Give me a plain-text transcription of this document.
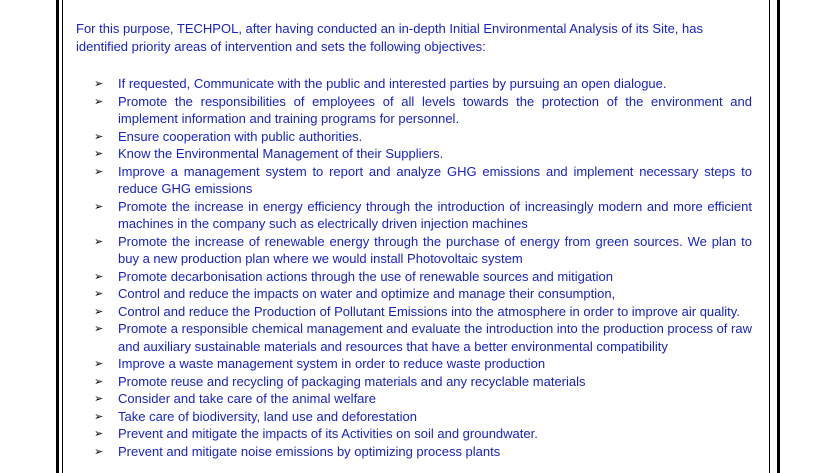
For this purpose, TECHPOL, after having conducted an in-depth Initial Environmental Analysis of its Site, has identified priority areas of intervention and sets the following objectives:

➢ If requested, Communicate with the public and interested parties by pursuing an open dialogue.
➢ Promote the responsibilities of employees of all levels towards the protection of the environment and implement information and training programs for personnel.
➢ Ensure cooperation with public authorities.
➢ Know the Environmental Management of their Suppliers.
➢ Improve a management system to report and analyze GHG emissions and implement necessary steps to reduce GHG emissions
➢ Promote the increase in energy efficiency through the introduction of increasingly modern and more efficient machines in the company such as electrically driven injection machines
➢ Promote the increase of renewable energy through the purchase of energy from green sources. We plan to buy a new production plan where we would install Photovoltaic system
➢ Promote decarbonisation actions through the use of renewable sources and mitigation
➢ Control and reduce the impacts on water and optimize and manage their consumption,
➢ Control and reduce the Production of Pollutant Emissions into the atmosphere in order to improve air quality.
➢ Promote a responsible chemical management and evaluate the introduction into the production process of raw and auxiliary sustainable materials and resources that have a better environmental compatibility
➢ Improve a waste management system in order to reduce waste production
➢ Promote reuse and recycling of packaging materials and any recyclable materials
➢ Consider and take care of the animal welfare
➢ Take care of biodiversity, land use and deforestation
➢ Prevent and mitigate the impacts of its Activities on soil and groundwater.
➢ Prevent and mitigate noise emissions by optimizing process plants
